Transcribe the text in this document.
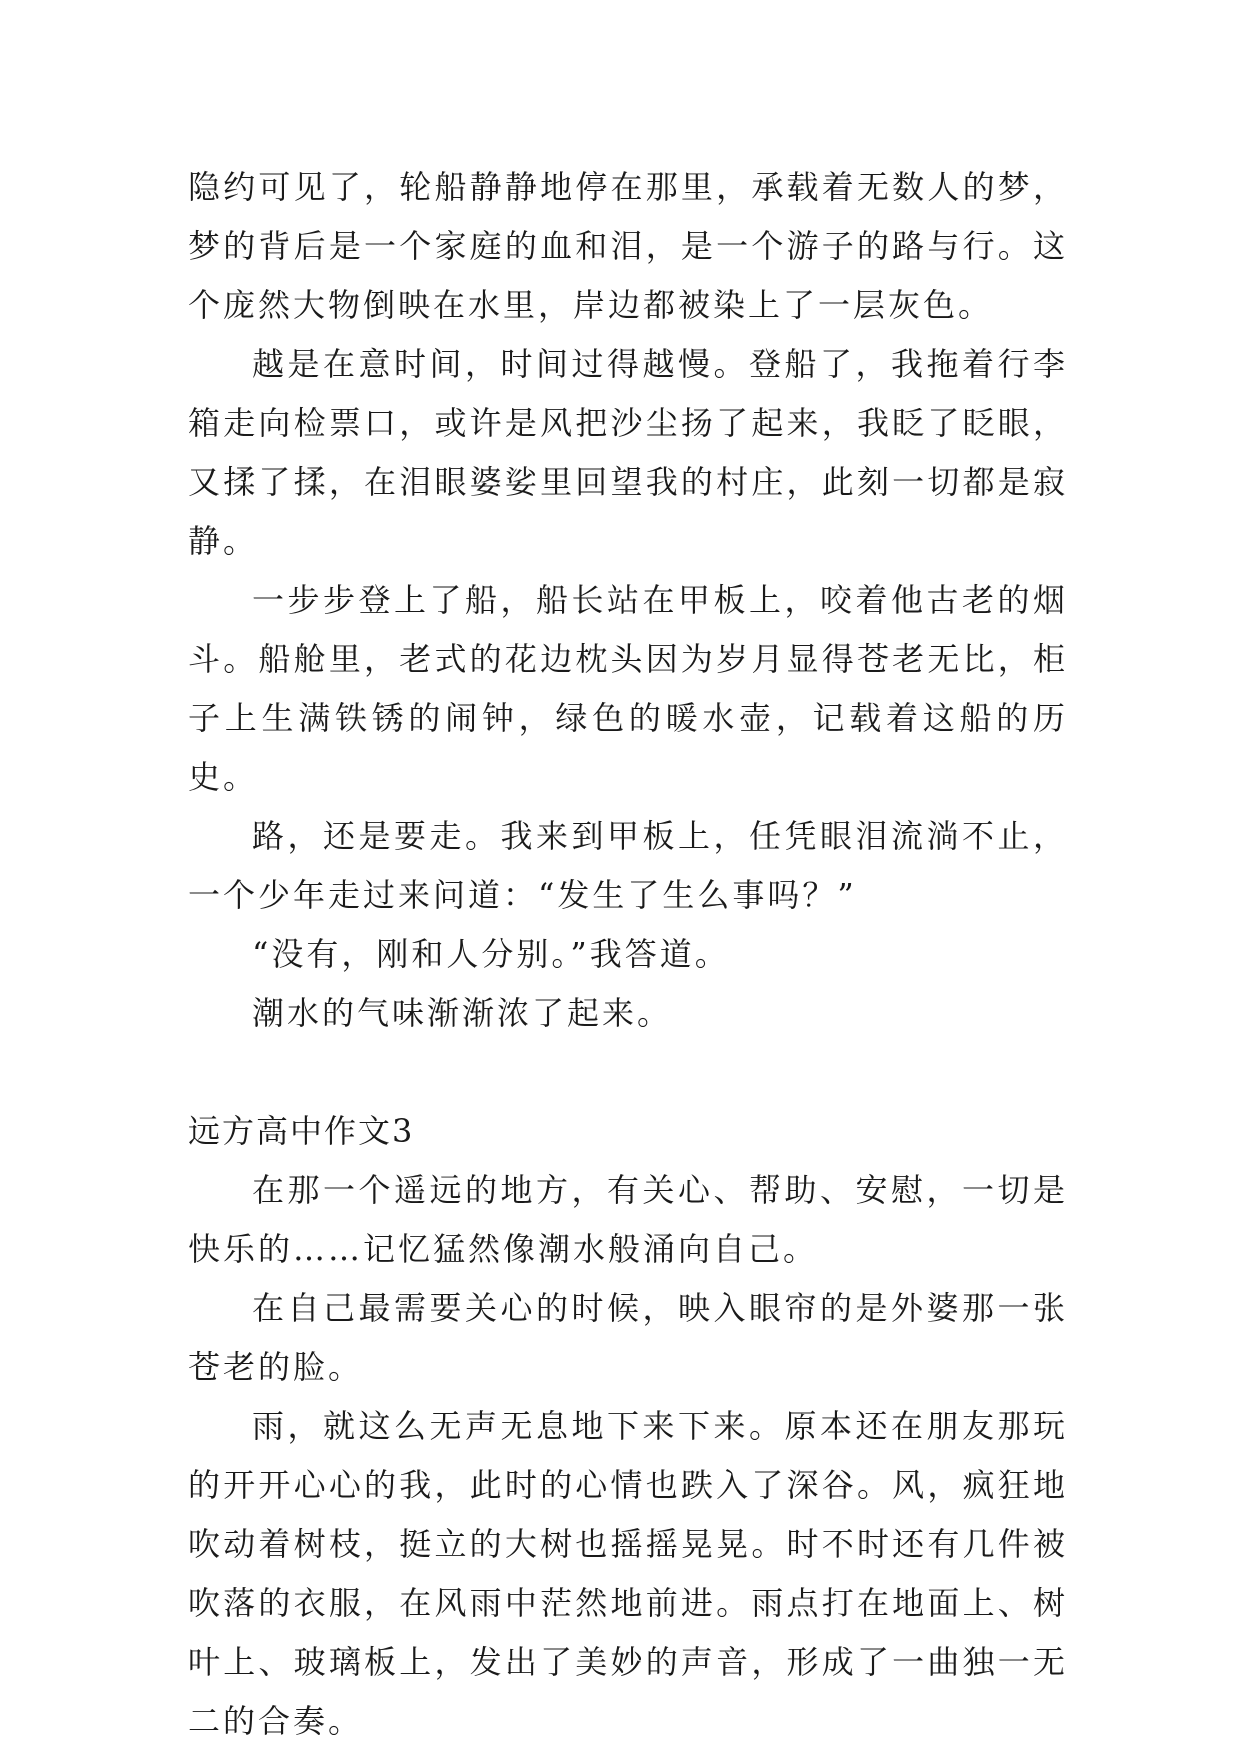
隐约可见了，轮船静静地停在那里，承载着无数人的梦，梦的背后是一个家庭的血和泪，是一个游子的路与行。这个庞然大物倒映在水里，岸边都被染上了一层灰色。

越是在意时间，时间过得越慢。登船了，我拖着行李箱走向检票口，或许是风把沙尘扬了起来，我眨了眨眼，又揉了揉，在泪眼婆娑里回望我的村庄，此刻一切都是寂静。

一步步登上了船，船长站在甲板上，咬着他古老的烟斗。船舱里，老式的花边枕头因为岁月显得苍老无比，柜子上生满铁锈的闹钟，绿色的暖水壶，记载着这船的历史。

路，还是要走。我来到甲板上，任凭眼泪流淌不止，一个少年走过来问道：“发生了生么事吗？”

“没有，刚和人分别。”我答道。

潮水的气味渐渐浓了起来。

远方高中作文3

在那一个遥远的地方，有关心、帮助、安慰，一切是快乐的……记忆猛然像潮水般涌向自己。

在自己最需要关心的时候，映入眼帘的是外婆那一张苍老的脸。

雨，就这么无声无息地下来下来。原本还在朋友那玩的开开心心的我，此时的心情也跌入了深谷。风，疯狂地吹动着树枝，挺立的大树也摇摇晃晃。时不时还有几件被吹落的衣服，在风雨中茫然地前进。雨点打在地面上、树叶上、玻璃板上，发出了美妙的声音，形成了一曲独一无二的合奏。
